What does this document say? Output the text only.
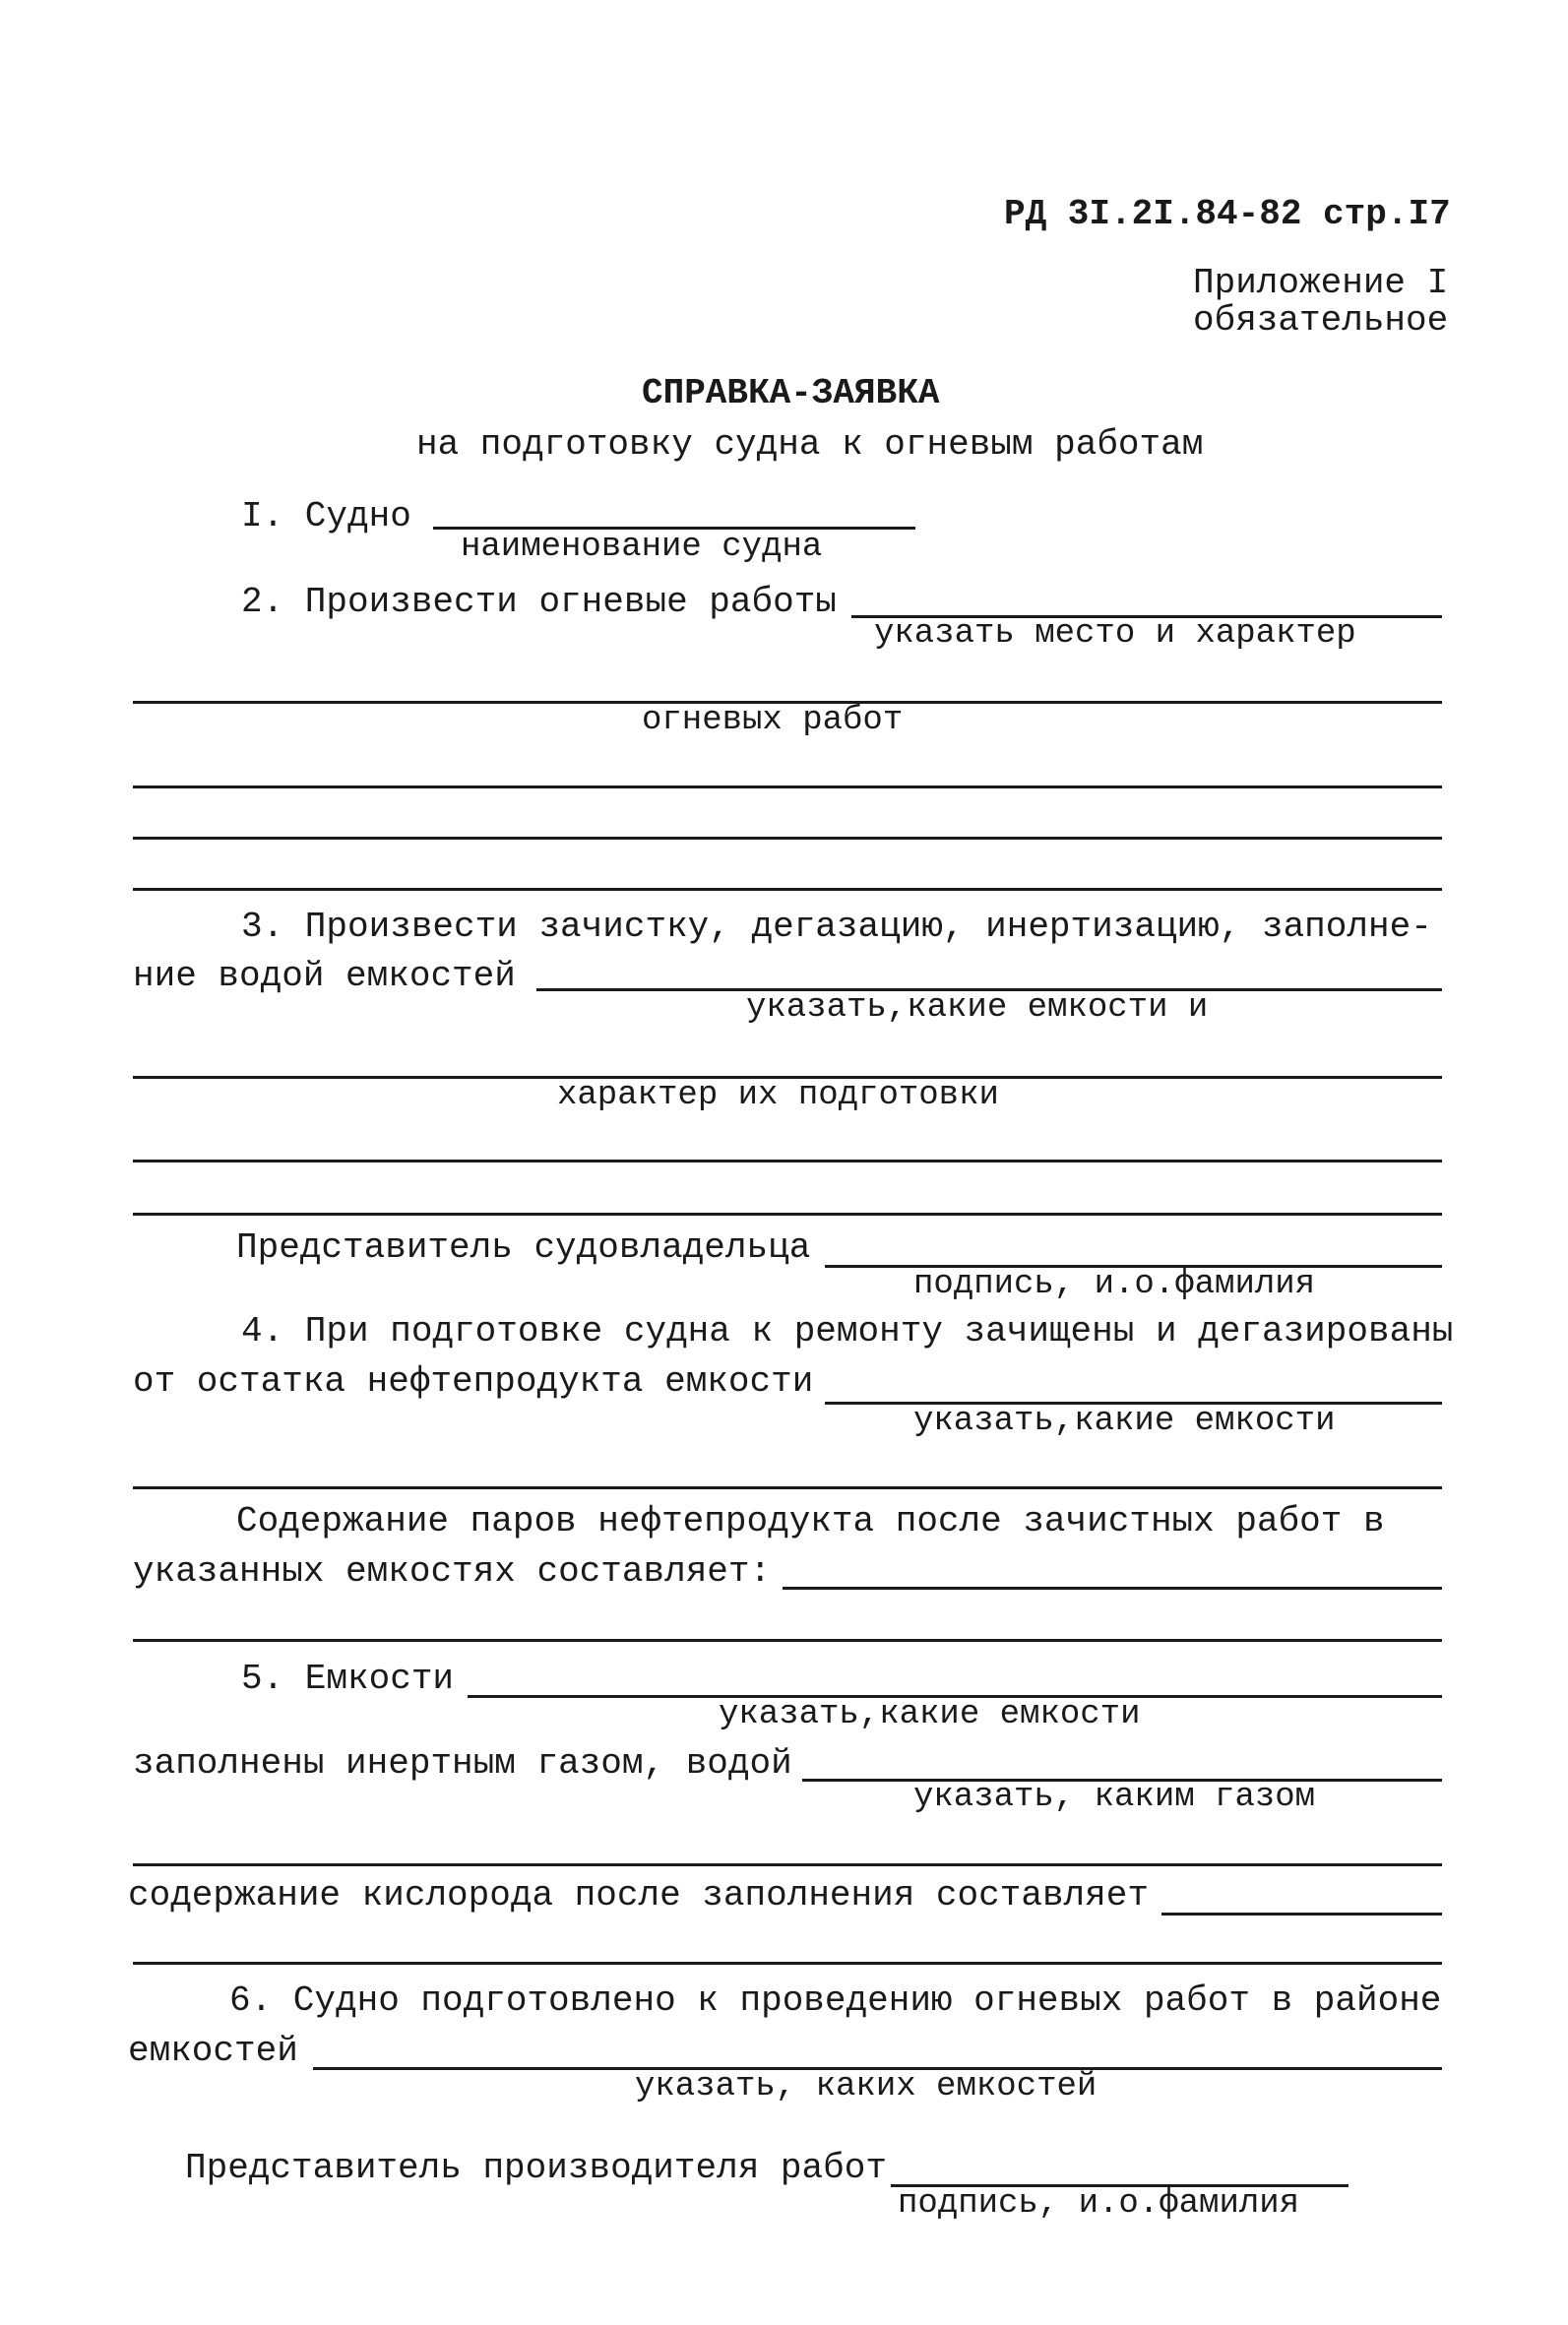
РД 3I.2I.84-82 стр.I7
Приложение I
обязательное
СПРАВКА-ЗАЯВКА
на подготовку судна к огневым работам
I. Судно
наименование судна
2. Произвести огневые работы
указать место и характер
огневых работ
3. Произвести зачистку, дегазацию, инертизацию, заполне-
ние водой емкостей
указать,какие емкости и
характер их подготовки
Представитель судовладельца
подпись, и.о.фамилия
4. При подготовке судна к ремонту зачищены и дегазированы
от остатка нефтепродукта емкости
указать,какие емкости
Содержание паров нефтепродукта после зачистных работ в
указанных емкостях составляет:
5. Емкости
указать,какие емкости
заполнены инертным газом, водой
указать, каким газом
содержание кислорода после заполнения составляет
6. Судно подготовлено к проведению огневых работ в районе
емкостей
указать, каких емкостей
Представитель производителя работ
подпись, и.о.фамилия
